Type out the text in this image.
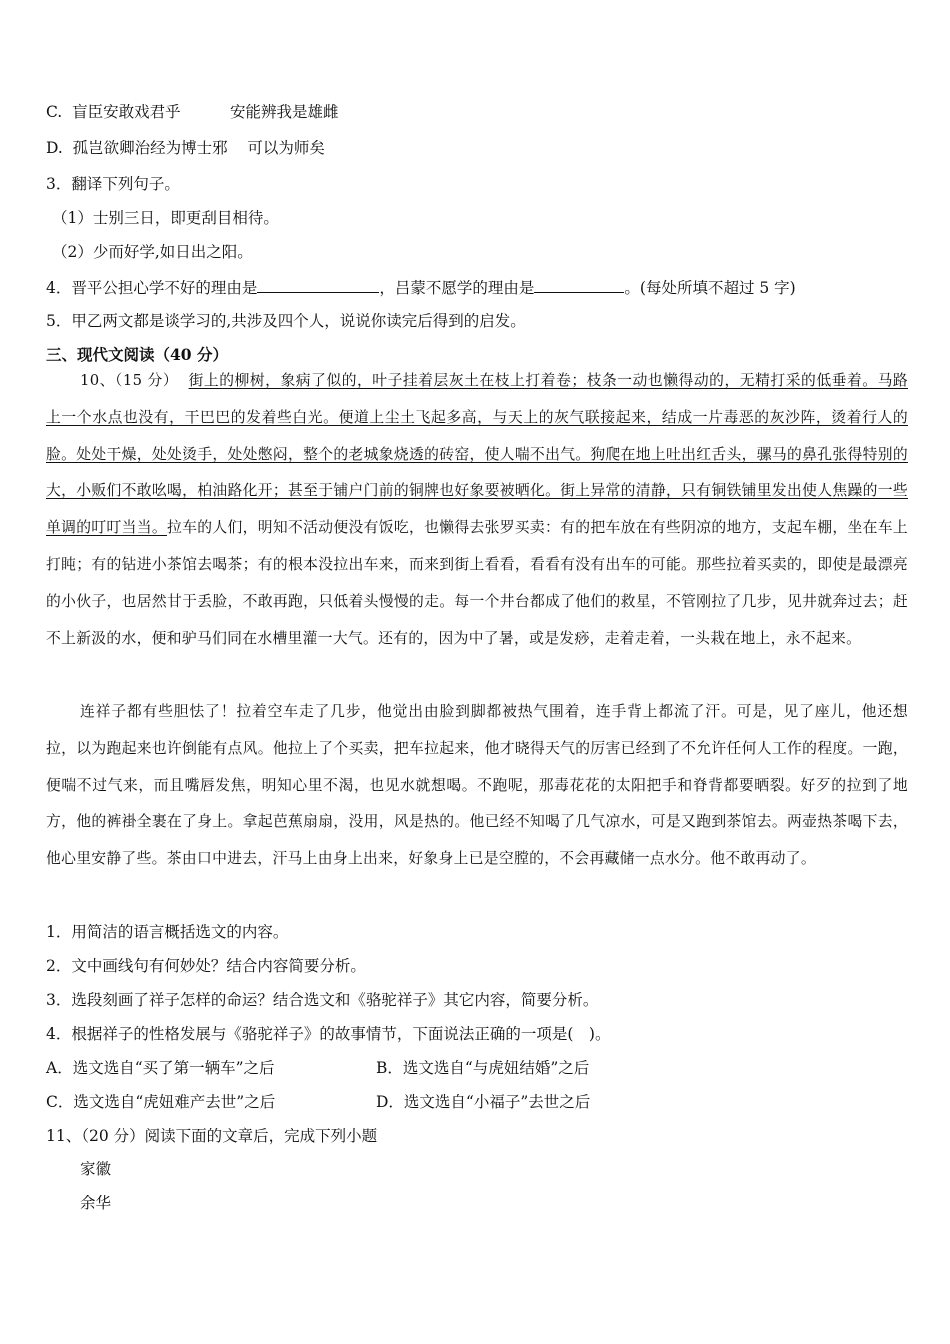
C. 盲臣安敢戏君乎	安能辨我是雄雌
D. 孤岂欲卿治经为博士邪 可以为师矣
3．翻译下列句子。
（1）士别三日，即更刮目相待。
（2）少而好学,如日出之阳。
4．晋平公担心学不好的理由是	，吕蒙不愿学的理由是	。(每处所填不超过 5 字)
5．甲乙两文都是谈学习的,共涉及四个人，说说你读完后得到的启发。
三、现代文阅读（40 分）
10、（15 分） 街上的柳树，象病了似的，叶子挂着层灰土在枝上打着卷；枝条一动也懒得动的，无精打采的低垂着。马路上一个水点也没有，干巴巴的发着些白光。便道上尘土飞起多高，与天上的灰气联接起来，结成一片毒恶的灰沙阵，烫着行人的脸。处处干燥，处处烫手，处处憋闷，整个的老城象烧透的砖窑，使人喘不出气。狗爬在地上吐出红舌头，骡马的鼻孔张得特别的大，小贩们不敢吆喝，柏油路化开；甚至于铺户门前的铜牌也好象要被晒化。街上异常的清静，只有铜铁铺里发出使人焦躁的一些单调的叮叮当当。拉车的人们，明知不活动便没有饭吃，也懒得去张罗买卖：有的把车放在有些阴凉的地方，支起车棚，坐在车上打盹；有的钻进小茶馆去喝茶；有的根本没拉出车来，而来到街上看看，看看有没有出车的可能。那些拉着买卖的，即使是最漂亮的小伙子，也居然甘于丢脸，不敢再跑，只低着头慢慢的走。每一个井台都成了他们的救星，不管刚拉了几步，见井就奔过去；赶不上新汲的水，便和驴马们同在水槽里灌一大气。还有的，因为中了暑，或是发痧，走着走着，一头栽在地上，永不起来。
连祥子都有些胆怯了！拉着空车走了几步，他觉出由脸到脚都被热气围着，连手背上都流了汗。可是，见了座儿，他还想拉，以为跑起来也许倒能有点风。他拉上了个买卖，把车拉起来，他才晓得天气的厉害已经到了不允许任何人工作的程度。一跑，便喘不过气来，而且嘴唇发焦，明知心里不渴，也见水就想喝。不跑呢，那毒花花的太阳把手和脊背都要晒裂。好歹的拉到了地方，他的裤褂全裹在了身上。拿起芭蕉扇扇，没用，风是热的。他已经不知喝了几气凉水，可是又跑到茶馆去。两壶热茶喝下去，他心里安静了些。茶由口中进去，汗马上由身上出来，好象身上已是空膛的，不会再藏储一点水分。他不敢再动了。
1．用简洁的语言概括选文的内容。
2．文中画线句有何妙处？结合内容简要分析。
3．选段刻画了祥子怎样的命运？结合选文和《骆驼祥子》其它内容，简要分析。
4．根据祥子的性格发展与《骆驼祥子》的故事情节，下面说法正确的一项是(　)。
A．选文选自“买了第一辆车”之后	B．选文选自“与虎妞结婚”之后
C．选文选自“虎妞难产去世”之后	D．选文选自“小福子”去世之后
11、（20 分）阅读下面的文章后，完成下列小题
家徽
余华
